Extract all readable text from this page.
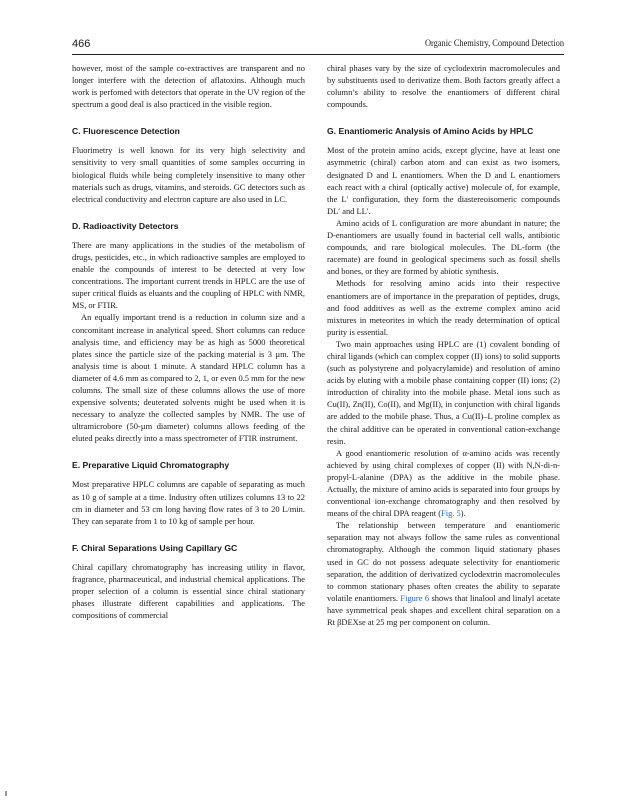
466	Organic Chemistry, Compound Detection

however, most of the sample co-extractives are transparent and no longer interfere with the detection of aflatoxins. Although much work is perfomed with detectors that operate in the UV region of the spectrum a good deal is also practiced in the visible region.

C. Fluorescence Detection

Fluorimetry is well known for its very high selectivity and sensitivity to very small quantities of some samples occurring in biological fluids while being completely insensitive to many other materials such as drugs, vitamins, and steroids. GC detectors such as electrical conductivity and electron capture are also used in LC.

D. Radioactivity Detectors

There are many applications in the studies of the metabolism of drugs, pesticides, etc., in which radioactive samples are employed to enable the compounds of interest to be detected at very low concentrations. The important current trends in HPLC are the use of super critical fluids as eluants and the coupling of HPLC with NMR, MS, or FTIR.

An equally important trend is a reduction in column size and a concomitant increase in analytical speed. Short columns can reduce analysis time, and efficiency may be as high as 5000 theoretical plates since the particle size of the packing material is 3 µm. The analysis time is about 1 minute. A standard HPLC column has a diameter of 4.6 mm as compared to 2, 1, or even 0.5 mm for the new columns. The small size of these columns allows the use of more expensive solvents; deuterated solvents might be used when it is necessary to analyze the collected samples by NMR. The use of ultramicrobore (50-µm diameter) columns allows feeding of the eluted peaks directly into a mass spectrometer of FTIR instrument.

E. Preparative Liquid Chromatography

Most preparative HPLC columns are capable of separating as much as 10 g of sample at a time. Industry often utilizes columns 13 to 22 cm in diameter and 53 cm long having flow rates of 3 to 20 L/min. They can separate from 1 to 10 kg of sample per hour.

F. Chiral Separations Using Capillary GC

Chiral capillary chromatography has increasing utility in flavor, fragrance, pharmaceutical, and industrial chemical applications. The proper selection of a column is essential since chiral stationary phases illustrate different capabilities and applications. The compositions of commercial

chiral phases vary by the size of cyclodextrin macromolecules and by substituents used to derivatize them. Both factors greatly affect a column’s ability to resolve the enantiomers of different chiral compounds.

G. Enantiomeric Analysis of Amino Acids by HPLC

Most of the protein amino acids, except glycine, have at least one asymmetric (chiral) carbon atom and can exist as two isomers, designated D and L enantiomers. When the D and L enantiomers each react with a chiral (optically active) molecule of, for example, the L′ configuration, they form the diastereoisomeric compounds DL′ and LL′.

Amino acids of L configuration are more abundant in nature; the D-enantiomers are usually found in bacterial cell walls, antibiotic compounds, and rare biological molecules. The DL-form (the racemate) are found in geological specimens such as fossil shells and bones, or they are formed by abiotic synthesis.

Methods for resolving amino acids into their respective enantiomers are of importance in the preparation of peptides, drugs, and food additives as well as the extreme complex amino acid mixtures in meteorites in which the ready determination of optical purity is essential.

Two main approaches using HPLC are (1) covalent bonding of chiral ligands (which can complex copper (II) ions) to solid supports (such as polystyrene and polyacrylamide) and resolution of amino acids by eluting with a mobile phase containing copper (II) ions; (2) introduction of chirality into the mobile phase. Metal ions such as Cu(II), Zn(II), Co(II), and Mg(II), in conjunction with chiral ligands are added to the mobile phase. Thus, a Cu(II)–L proline complex as the chiral additive can be operated in conventional cation-exchange resin.

A good enantiomeric resolution of α-amino acids was recently achieved by using chiral complexes of copper (II) with N,N-di-n-propyl-L-alanine (DPA) as the additive in the mobile phase. Actually, the mixture of amino acids is separated into four groups by conventional ion-exchange chromatography and then resolved by means of the chiral DPA reagent (Fig. 5).

The relationship between temperature and enantiomeric separation may not always follow the same rules as conventional chromatography. Although the common liquid stationary phases used in GC do not possess adequate selectivity for enantiomeric separation, the addition of derivatized cyclodextrin macromolecules to common stationary phases often creates the ability to separate volatile enantiomers. Figure 6 shows that linalool and linalyl acetate have symmetrical peak shapes and excellent chiral separation on a Rt βDEXse at 25 mg per component on column.
